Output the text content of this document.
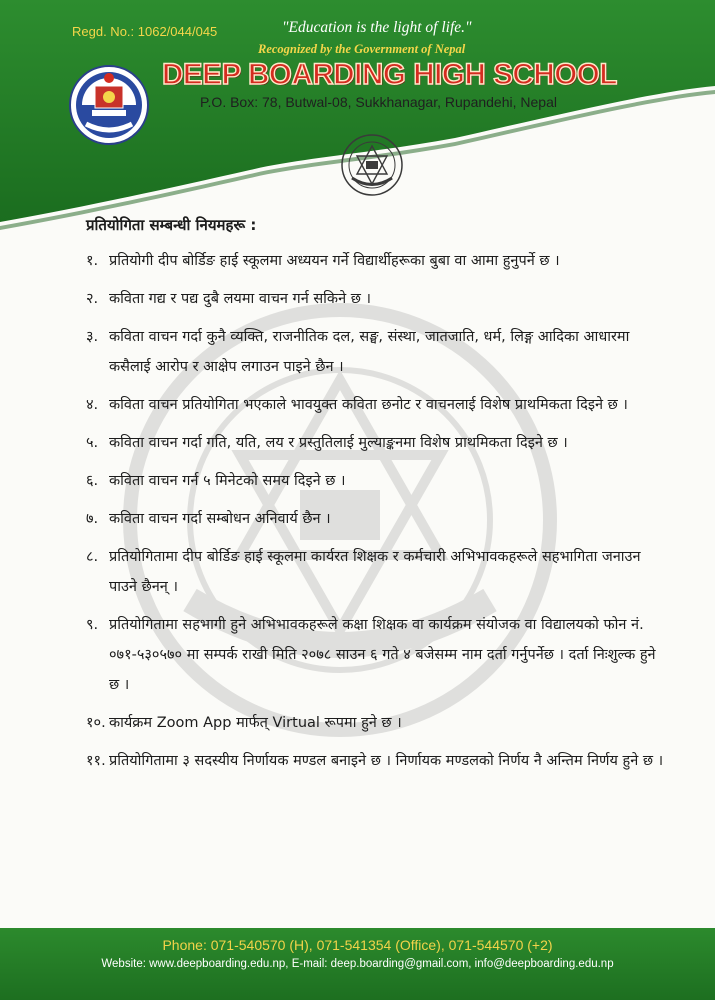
Regd. No.: 1062/044/045	"Education is the light of life."
Recognized by the Government of Nepal
DEEP BOARDING HIGH SCHOOL
P.O. Box: 78, Butwal-08, Sukkhanagar, Rupandehi, Nepal
प्रतियोगिता सम्बन्धी नियमहरू :
१. प्रतियोगी दीप बोर्डिङ हाई स्कूलमा अध्ययन गर्ने विद्यार्थीहरूका बुबा वा आमा हुनुपर्ने छ ।
२. कविता गद्य र पद्य दुबै लयमा वाचन गर्न सकिने छ ।
३. कविता वाचन गर्दा कुनै व्यक्ति, राजनीतिक दल, सङ्घ, संस्था, जातजाति, धर्म, लिङ्ग आदिका आधारमा कसैलाई आरोप र आक्षेप लगाउन पाइने छैन ।
४. कविता वाचन प्रतियोगिता भएकाले भावयुक्त कविता छनोट र वाचनलाई विशेष प्राथमिकता दिइने छ ।
५. कविता वाचन गर्दा गति, यति, लय र प्रस्तुतिलाई मुल्याङ्कनमा विशेष प्राथमिकता दिइने छ ।
६. कविता वाचन गर्न ५ मिनेटको समय दिइने छ ।
७. कविता वाचन गर्दा सम्बोधन अनिवार्य छैन ।
८. प्रतियोगितामा दीप बोर्डिङ हाई स्कूलमा कार्यरत शिक्षक र कर्मचारी अभिभावकहरूले सहभागिता जनाउन पाउने छैनन् ।
९. प्रतियोगितामा सहभागी हुने अभिभावकहरूले कक्षा शिक्षक वा कार्यक्रम संयोजक वा विद्यालयको फोन नं. ०७१-५३०५७० मा सम्पर्क राखी मिति २०७८ साउन ६ गते ४ बजेसम्म नाम दर्ता गर्नुपर्नेछ । दर्ता निःशुल्क हुने छ ।
१०. कार्यक्रम Zoom App मार्फत् Virtual रूपमा हुने छ ।
११. प्रतियोगितामा ३ सदस्यीय निर्णायक मण्डल बनाइने छ । निर्णायक मण्डलको निर्णय नै अन्तिम निर्णय हुने छ ।
Phone: 071-540570 (H), 071-541354 (Office), 071-544570 (+2)
Website: www.deepboarding.edu.np, E-mail: deep.boarding@gmail.com, info@deepboarding.edu.np
